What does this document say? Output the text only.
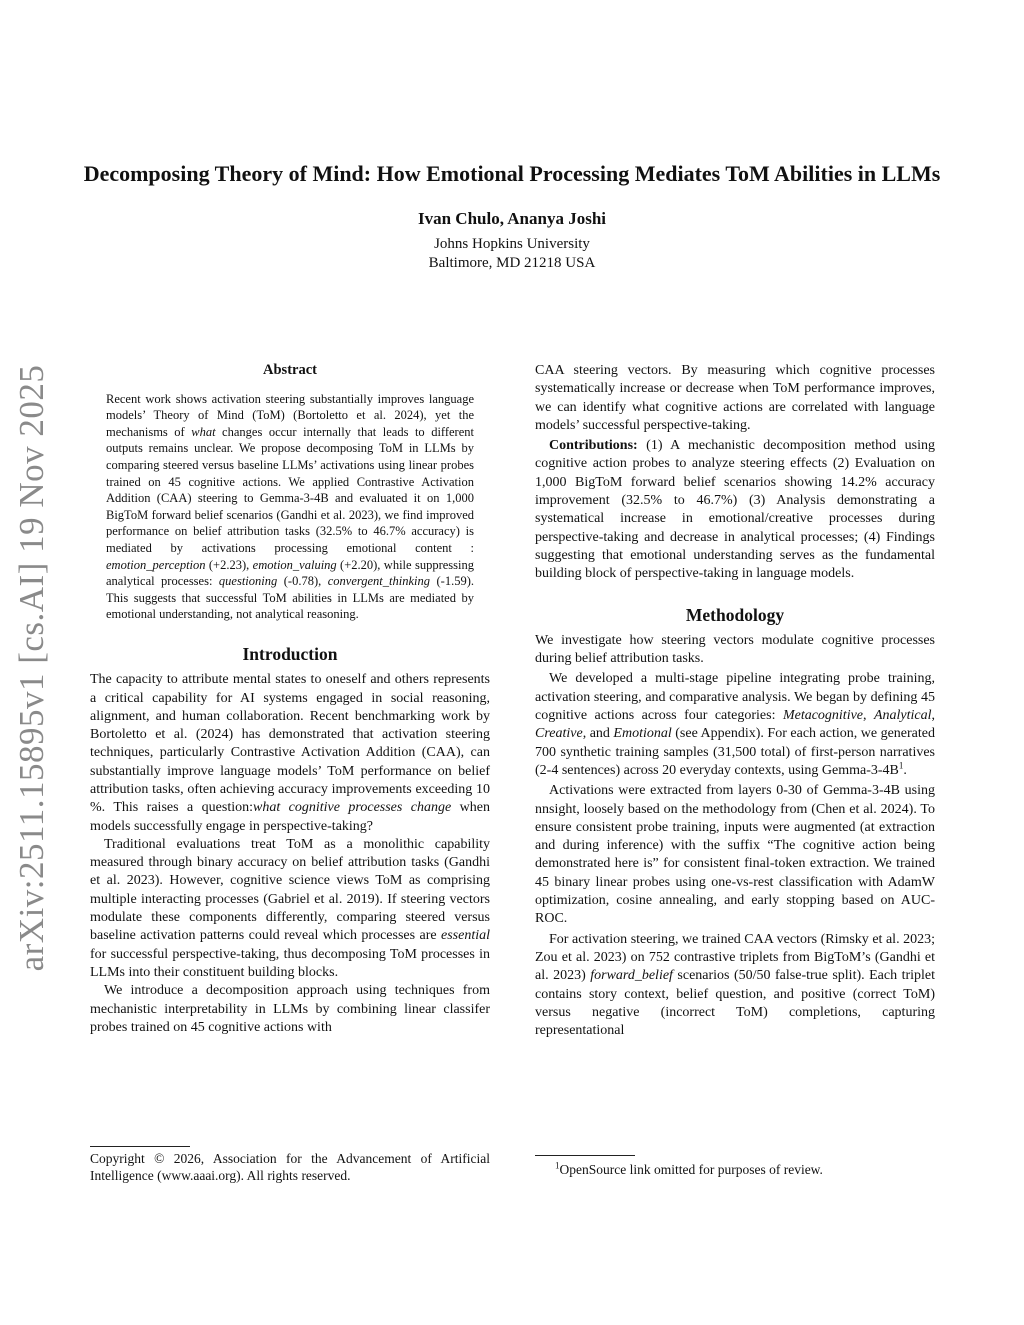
arXiv:2511.15895v1 [cs.AI] 19 Nov 2025
Decomposing Theory of Mind: How Emotional Processing Mediates ToM Abilities in LLMs
Ivan Chulo, Ananya Joshi
Johns Hopkins University
Baltimore, MD 21218 USA
Abstract

Recent work shows activation steering substantially improves language models’ Theory of Mind (ToM) (Bortoletto et al. 2024), yet the mechanisms of what changes occur internally that leads to different outputs remains unclear. We propose decomposing ToM in LLMs by comparing steered versus baseline LLMs’ activations using linear probes trained on 45 cognitive actions. We applied Contrastive Activation Addition (CAA) steering to Gemma-3-4B and evaluated it on 1,000 BigToM forward belief scenarios (Gandhi et al. 2023), we find improved performance on belief attribution tasks (32.5% to 46.7% accuracy) is mediated by activations processing emotional content : emotion_perception (+2.23), emotion_valuing (+2.20), while suppressing analytical processes: questioning (-0.78), convergent_thinking (-1.59). This suggests that successful ToM abilities in LLMs are mediated by emotional understanding, not analytical reasoning.

Introduction

The capacity to attribute mental states to oneself and others represents a critical capability for AI systems engaged in social reasoning, alignment, and human collaboration. Recent benchmarking work by Bortoletto et al. (2024) has demonstrated that activation steering techniques, particularly Contrastive Activation Addition (CAA), can substantially improve language models’ ToM performance on belief attribution tasks, often achieving accuracy improvements exceeding 10 %. This raises a question:what cognitive processes change when models successfully engage in perspective-taking?

Traditional evaluations treat ToM as a monolithic capability measured through binary accuracy on belief attribution tasks (Gandhi et al. 2023). However, cognitive science views ToM as comprising multiple interacting processes (Gabriel et al. 2019). If steering vectors modulate these components differently, comparing steered versus baseline activation patterns could reveal which processes are essential for successful perspective-taking, thus decomposing ToM processes in LLMs into their constituent building blocks.

We introduce a decomposition approach using techniques from mechanistic interpretability in LLMs by combining linear classifer probes trained on 45 cognitive actions with

Copyright © 2026, Association for the Advancement of Artificial Intelligence (www.aaai.org). All rights reserved.

CAA steering vectors. By measuring which cognitive processes systematically increase or decrease when ToM performance improves, we can identify what cognitive actions are correlated with language models’ successful perspective-taking.

Contributions: (1) A mechanistic decomposition method using cognitive action probes to analyze steering effects (2) Evaluation on 1,000 BigToM forward belief scenarios showing 14.2% accuracy improvement (32.5% to 46.7%) (3) Analysis demonstrating a systematical increase in emotional/creative processes during perspective-taking and decrease in analytical processes; (4) Findings suggesting that emotional understanding serves as the fundamental building block of perspective-taking in language models.

Methodology

We investigate how steering vectors modulate cognitive processes during belief attribution tasks.

We developed a multi-stage pipeline integrating probe training, activation steering, and comparative analysis. We began by defining 45 cognitive actions across four categories: Metacognitive, Analytical, Creative, and Emotional (see Appendix). For each action, we generated 700 synthetic training samples (31,500 total) of first-person narratives (2-4 sentences) across 20 everyday contexts, using Gemma-$3-4B^1$.

Activations were extracted from layers 0-30 of Gemma-3-4B using nnsight, loosely based on the methodology from (Chen et al. 2024). To ensure consistent probe training, inputs were augmented (at extraction and during inference) with the suffix “The cognitive action being demonstrated here is” for consistent final-token extraction. We trained 45 binary linear probes using one-vs-rest classification with AdamW optimization, cosine annealing, and early stopping based on AUC-ROC.

For activation steering, we trained CAA vectors (Rimsky et al. 2023; Zou et al. 2023) on 752 contrastive triplets from BigToM’s (Gandhi et al. 2023) forward_belief scenarios (50/50 false-true split). Each triplet contains story context, belief question, and positive (correct ToM) versus negative (incorrect ToM) completions, capturing representational

$^1$OpenSource link omitted for purposes of review.
